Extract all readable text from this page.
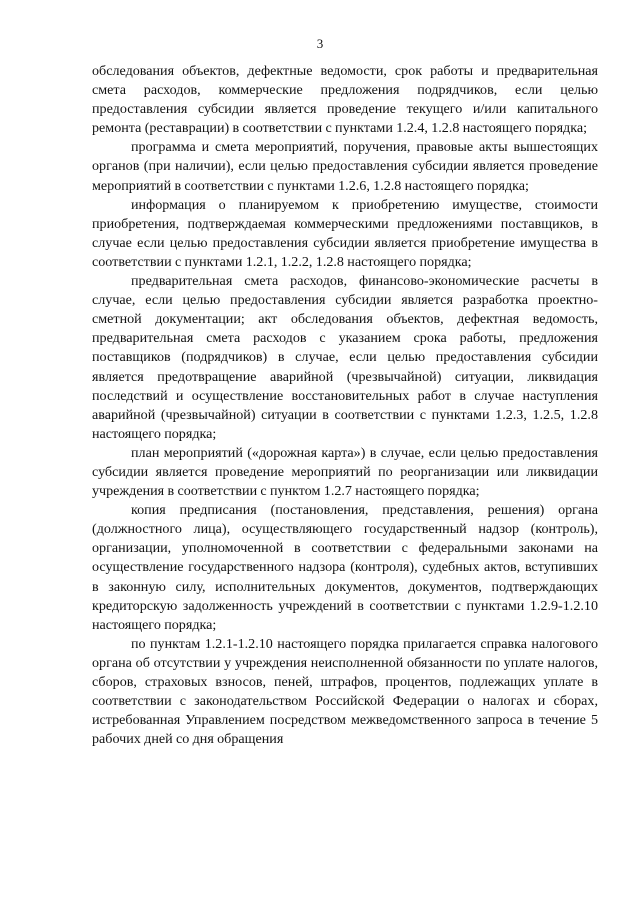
3

обследования объектов, дефектные ведомости, срок работы и предварительная смета расходов, коммерческие предложения подрядчиков, если целью предоставления субсидии является проведение текущего и/или капитального ремонта (реставрации) в соответствии с пунктами 1.2.4, 1.2.8 настоящего порядка;

программа и смета мероприятий, поручения, правовые акты вышестоящих органов (при наличии), если целью предоставления субсидии является проведение мероприятий в соответствии с пунктами 1.2.6, 1.2.8 настоящего порядка;

информация о планируемом к приобретению имуществе, стоимости приобретения, подтверждаемая коммерческими предложениями поставщиков, в случае если целью предоставления субсидии является приобретение имущества в соответствии с пунктами 1.2.1, 1.2.2, 1.2.8 настоящего порядка;

предварительная смета расходов, финансово-экономические расчеты в случае, если целью предоставления субсидии является разработка проектно-сметной документации; акт обследования объектов, дефектная ведомость, предварительная смета расходов с указанием срока работы, предложения поставщиков (подрядчиков) в случае, если целью предоставления субсидии является предотвращение аварийной (чрезвычайной) ситуации, ликвидация последствий и осуществление восстановительных работ в случае наступления аварийной (чрезвычайной) ситуации в соответствии с пунктами 1.2.3, 1.2.5, 1.2.8 настоящего порядка;

план мероприятий («дорожная карта») в случае, если целью предоставления субсидии является проведение мероприятий по реорганизации или ликвидации учреждения в соответствии с пунктом 1.2.7 настоящего порядка;

копия предписания (постановления, представления, решения) органа (должностного лица), осуществляющего государственный надзор (контроль), организации, уполномоченной в соответствии с федеральными законами на осуществление государственного надзора (контроля), судебных актов, вступивших в законную силу, исполнительных документов, документов, подтверждающих кредиторскую задолженность учреждений в соответствии с пунктами 1.2.9-1.2.10 настоящего порядка;

по пунктам 1.2.1-1.2.10 настоящего порядка прилагается справка налогового органа об отсутствии у учреждения неисполненной обязанности по уплате налогов, сборов, страховых взносов, пеней, штрафов, процентов, подлежащих уплате в соответствии с законодательством Российской Федерации о налогах и сборах, истребованная Управлением посредством межведомственного запроса в течение 5 рабочих дней со дня обращения
